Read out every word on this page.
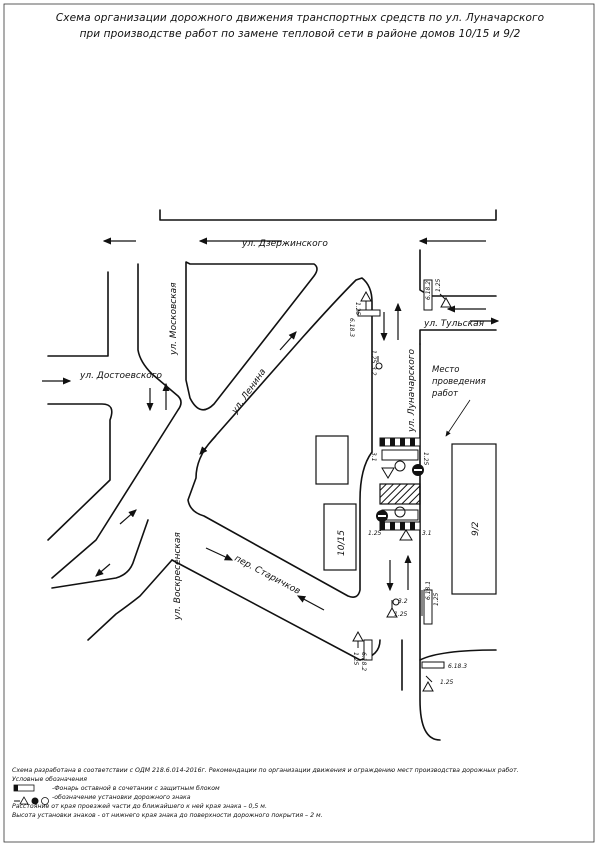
Схема организации дорожного движения транспортных средств по ул. Луначарского
при производстве работ по замене тепловой сети в районе домов 10/15 и 9/2
ул. Дзержинского
ул. Московская
ул. Достоевского	ул. Ленина	ул. Луначарского
ул. Тульская
ул. Воскресенская	пер. Старичков
10/15
9/2
Место
проведения
работ
1.25
6.18.3
1.25
3.2
6.18.2 1.25
3.1	1.25
1.25	3.1
3.2
1.25
6.18.1 1.25
1.25 6.18.2	6.18.3
1.25
Схема разработана в соответствии с ОДМ 218.6.014-2016г. Рекомендации по организации движения и ограждению мест производства дорожных работ.
Условные обозначения
-Фонарь оставной в сочетании с защитным блоком
-обозначение установки дорожного знака
Расстояние от края проезжей части до ближайшего к ней края знака – 0,5 м.
Высота установки знаков - от нижнего края знака до поверхности дорожного покрытия – 2 м.
